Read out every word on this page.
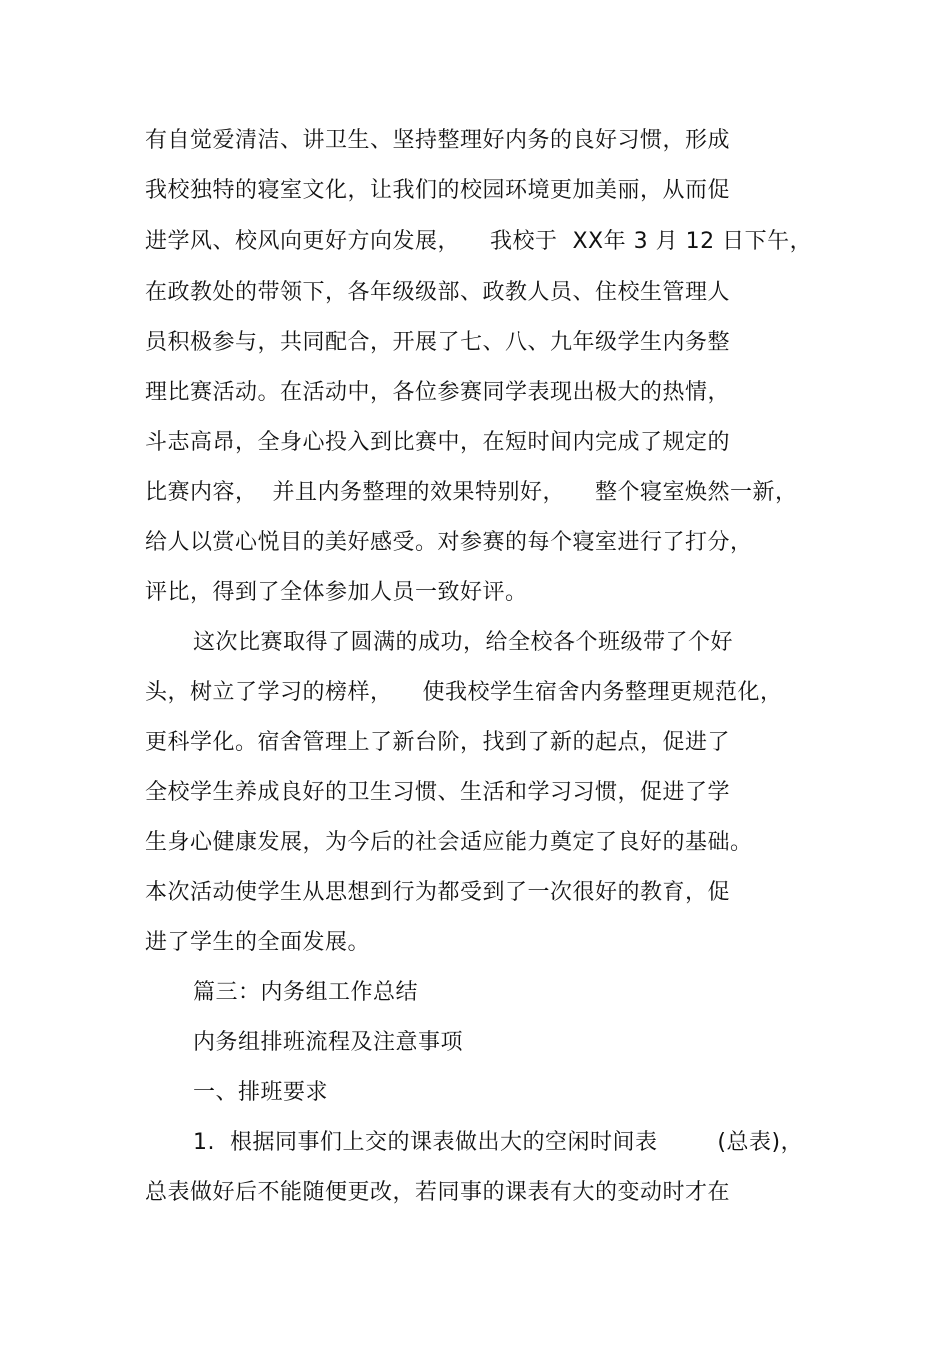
有自觉爱清洁、讲卫生、坚持整理好内务的良好习惯，形成
我校独特的寝室文化，让我们的校园环境更加美丽，从而促
进学风、校风向更好方向发展，    我校于  XX年 3 月 12 日下午，
在政教处的带领下，各年级级部、政教人员、住校生管理人
员积极参与，共同配合，开展了七、八、九年级学生内务整
理比赛活动。在活动中，各位参赛同学表现出极大的热情，
斗志高昂，全身心投入到比赛中，在短时间内完成了规定的
比赛内容，  并且内务整理的效果特别好，    整个寝室焕然一新，
给人以赏心悦目的美好感受。对参赛的每个寝室进行了打分，
评比，得到了全体参加人员一致好评。
这次比赛取得了圆满的成功，给全校各个班级带了个好
头，树立了学习的榜样，    使我校学生宿舍内务整理更规范化，
更科学化。宿舍管理上了新台阶，找到了新的起点，促进了
全校学生养成良好的卫生习惯、生活和学习习惯，促进了学
生身心健康发展，为今后的社会适应能力奠定了良好的基础。
本次活动使学生从思想到行为都受到了一次很好的教育，促
进了学生的全面发展。
篇三：内务组工作总结
内务组排班流程及注意事项
一、排班要求
1.  根据同事们上交的课表做出大的空闲时间表        (总表)，
总表做好后不能随便更改，若同事的课表有大的变动时才在
